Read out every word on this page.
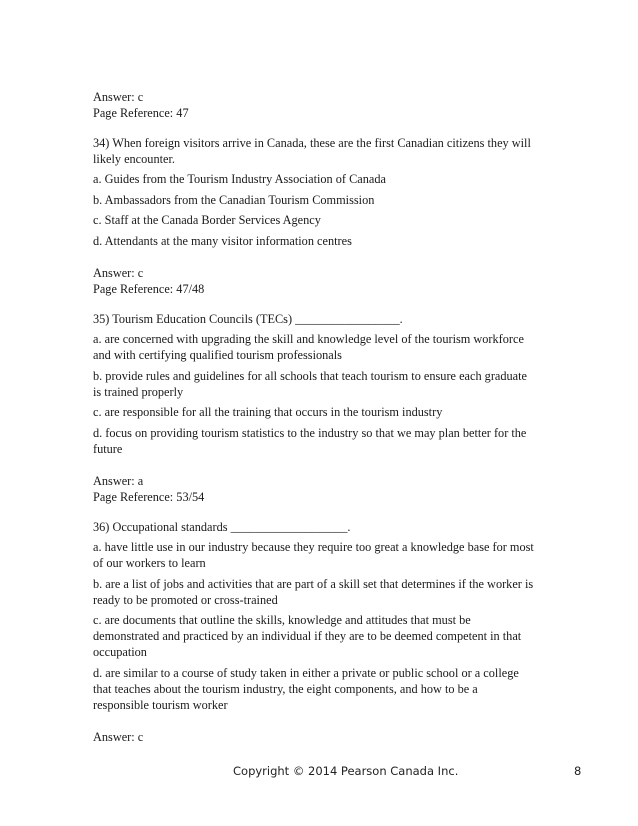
Answer: c
Page Reference: 47
34) When foreign visitors arrive in Canada, these are the first Canadian citizens they will
likely encounter.
a. Guides from the Tourism Industry Association of Canada
b. Ambassadors from the Canadian Tourism Commission
c. Staff at the Canada Border Services Agency
d. Attendants at the many visitor information centres
Answer: c
Page Reference: 47/48
35) Tourism Education Councils (TECs) _________________.
a. are concerned with upgrading the skill and knowledge level of the tourism workforce
and with certifying qualified tourism professionals
b. provide rules and guidelines for all schools that teach tourism to ensure each graduate
is trained properly
c. are responsible for all the training that occurs in the tourism industry
d. focus on providing tourism statistics to the industry so that we may plan better for the
future
Answer: a
Page Reference: 53/54
36) Occupational standards ___________________.
a. have little use in our industry because they require too great a knowledge base for most
of our workers to learn
b. are a list of jobs and activities that are part of a skill set that determines if the worker is
ready to be promoted or cross-trained
c. are documents that outline the skills, knowledge and attitudes that must be
demonstrated and practiced by an individual if they are to be deemed competent in that
occupation
d. are similar to a course of study taken in either a private or public school or a college
that teaches about the tourism industry, the eight components, and how to be a
responsible tourism worker
Answer: c
Copyright © 2014 Pearson Canada Inc.	8
